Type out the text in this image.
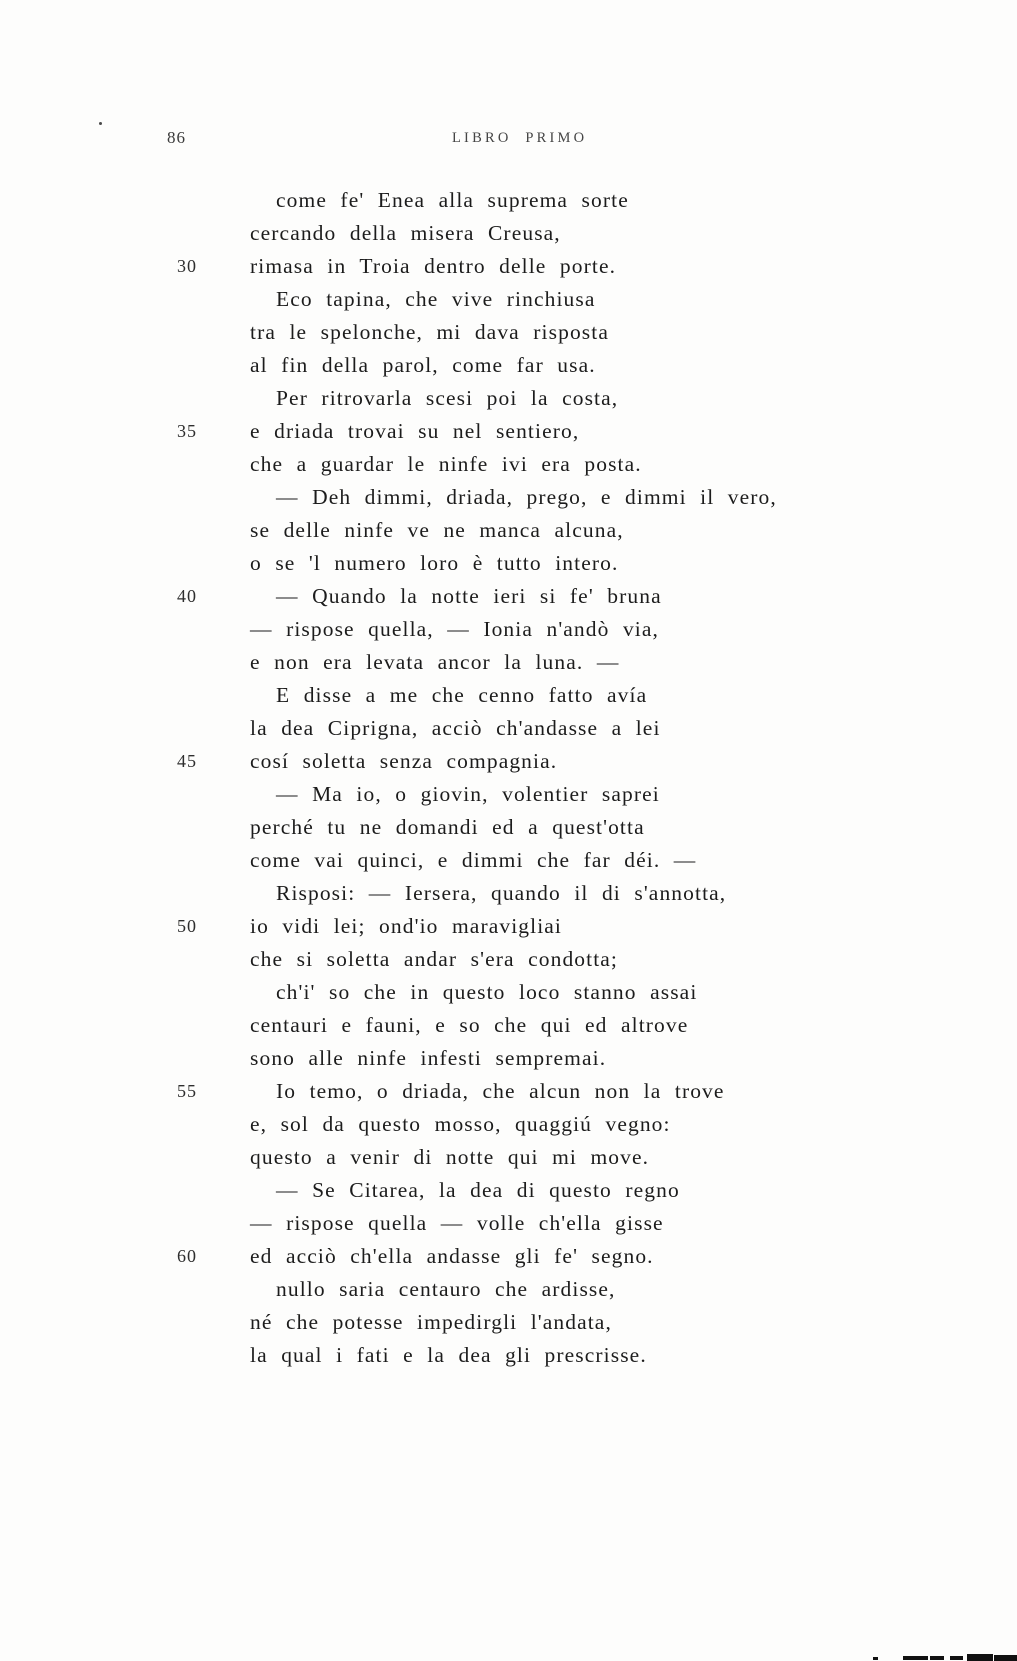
86	LIBRO PRIMO
come fe' Enea alla suprema sorte
cercando della misera Creusa,
30 rimasa in Troia dentro delle porte.
Eco tapina, che vive rinchiusa
tra le spelonche, mi dava risposta
al fin della parol, come far usa.
Per ritrovarla scesi poi la costa,
35 e driada trovai su nel sentiero,
che a guardar le ninfe ivi era posta.
— Deh dimmi, driada, prego, e dimmi il vero,
se delle ninfe ve ne manca alcuna,
o se 'l numero loro è tutto intero.
40	— Quando la notte ieri si fe' bruna
— rispose quella, — Ionia n'andò via,
e non era levata ancor la luna. —
E disse a me che cenno fatto avía
la dea Ciprigna, acciò ch'andasse a lei
45 cosí soletta senza compagnia.
— Ma io, o giovin, volentier saprei
perché tu ne domandi ed a quest'otta
come vai quinci, e dimmi che far déi. —
Risposi: — Iersera, quando il di s'annotta,
50 io vidi lei; ond'io maravigliai
che si soletta andar s'era condotta;
ch'i' so che in questo loco stanno assai
centauri e fauni, e so che qui ed altrove
sono alle ninfe infesti sempremai.
55	Io temo, o driada, che alcun non la trove
e, sol da questo mosso, quaggiú vegno:
questo a venir di notte qui mi move.
— Se Citarea, la dea di questo regno
— rispose quella — volle ch'ella gisse
60 ed acciò ch'ella andasse gli fe' segno.
nullo saria centauro che ardisse,
né che potesse impedirgli l'andata,
la qual i fati e la dea gli prescrisse.
